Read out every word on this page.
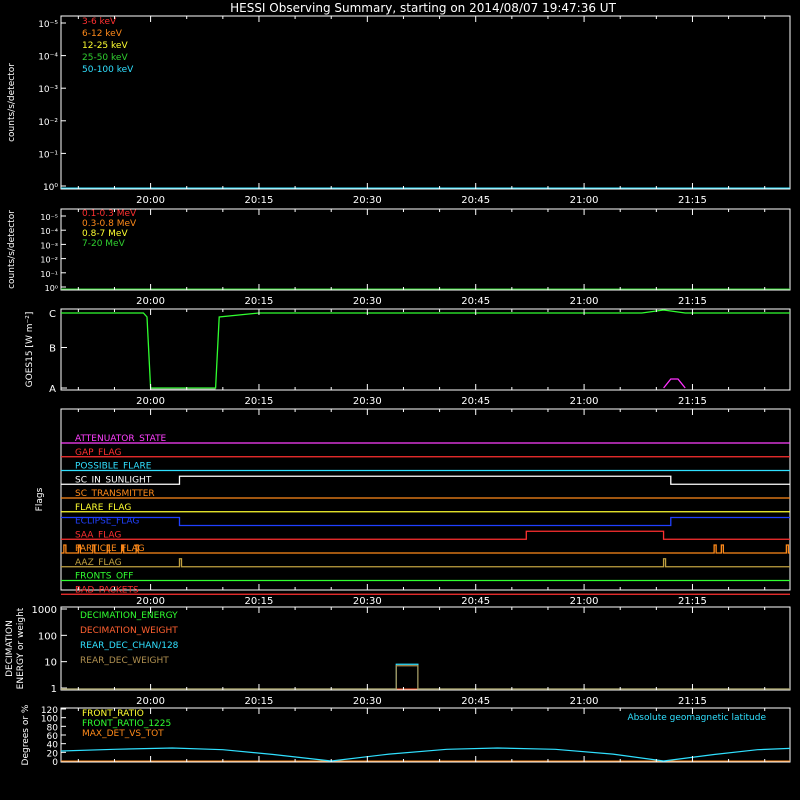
HESSI Observing Summary, starting on 2014/08/07 19:47:36 UT
10⁻⁵
10⁻⁴
10⁻³
10⁻²
10⁻¹
10⁰
counts/s/detector
3-6 keV
6-12 keV
12-25 keV
25-50 keV
50-100 keV
20:00	20:15	20:30	20:45	21:00	21:15
10⁻⁵
10⁻⁴
10⁻³
10⁻²
10⁻¹
10⁰
counts/s/detector	0.1-0.3 MeV
0.3-0.8 MeV
0.8-7 MeV
7-20 MeV
20:00	20:15	20:30	20:45	21:00	21:15
A
B
C
GOES15 [W m⁻²]
20:00	20:15	20:30	20:45	21:00	21:15
Flags
ATTENUATOR_STATE
GAP_FLAG
POSSIBLE_FLARE
SC_IN_SUNLIGHT
SC_TRANSMITTER
FLARE_FLAG
ECLIPSE_FLAG
SAA_FLAG
PARTICLE_FLAG
AAZ_FLAG
FRONTS_OFF
BAD_PACKETS
20:00	20:15	20:30	20:45	21:00	21:15
1
10
100
1000
DECIMATION ENERGY or weight	DECIMATION_ENERGY
DECIMATION_WEIGHT
REAR_DEC_CHAN/128
REAR_DEC_WEIGHT
20:00	20:15	20:30	20:45	21:00	21:15
0
20
40
60
80
100
120
Degrees or %	FRONT_RATIO
FRONT_RATIO_1225
MAX_DET_VS_TOT
Absolute geomagnetic latitude
